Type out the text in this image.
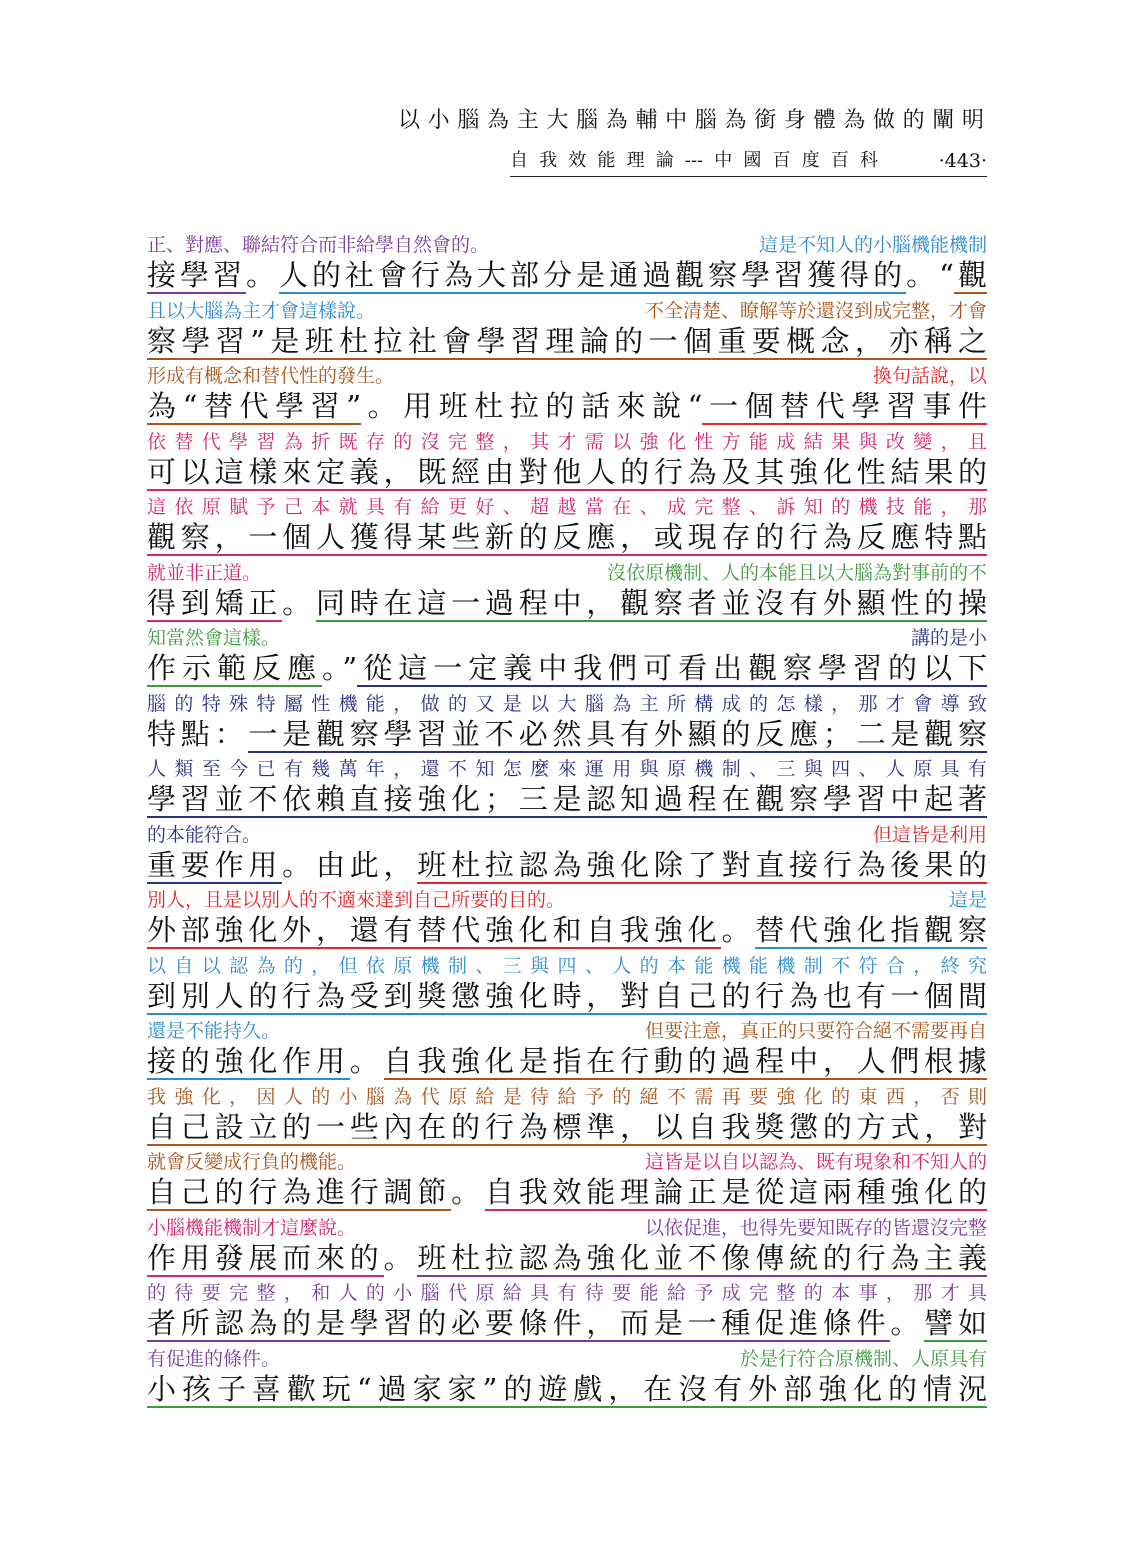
以小腦為主大腦為輔中腦為銜身體為做的闡明
自我效能理論---中國百度百科	·443·
正、對應、聯結符合而非給學自然會的。	這是不知人的小腦機能機制
接學習。人的社會行為大部分是通過觀察學習獲得的。“觀
且以大腦為主才會這樣說。	不全清楚、瞭解等於還沒到成完整，才會
察學習”是班杜拉社會學習理論的一個重要概念，亦稱之
形成有概念和替代性的發生。	換句話說，以
為“替代學習”。用班杜拉的話來說“一個替代學習事件
依替代學習為折既存的沒完整，其才需以強化性方能成結果與改變，且
可以這樣來定義，既經由對他人的行為及其強化性結果的
這依原賦予己本就具有給更好、超越當在、成完整、訴知的機技能，那
觀察，一個人獲得某些新的反應，或現存的行為反應特點
就並非正道。	沒依原機制、人的本能且以大腦為對事前的不
得到矯正。同時在這一過程中，觀察者並沒有外顯性的操
知當然會這樣。	講的是小
作示範反應。”從這一定義中我們可看出觀察學習的以下
腦的特殊特屬性機能，做的又是以大腦為主所構成的怎樣，那才會導致
特點：一是觀察學習並不必然具有外顯的反應；二是觀察
人類至今已有幾萬年，還不知怎麼來運用與原機制、三與四、人原具有
學習並不依賴直接強化；三是認知過程在觀察學習中起著
的本能符合。	但這皆是利用
重要作用。由此，班杜拉認為強化除了對直接行為後果的
別人，且是以別人的不適來達到自己所要的目的。	這是
外部強化外，還有替代強化和自我強化。替代強化指觀察
以自以認為的，但依原機制、三與四、人的本能機能機制不符合，終究
到別人的行為受到獎懲強化時，對自己的行為也有一個間
還是不能持久。	但要注意，真正的只要符合絕不需要再自
接的強化作用。自我強化是指在行動的過程中，人們根據
我強化，因人的小腦為代原給是待給予的絕不需再要強化的東西，否則
自己設立的一些內在的行為標準，以自我獎懲的方式，對
就會反變成行負的機能。	這皆是以自以認為、既有現象和不知人的
自己的行為進行調節。自我效能理論正是從這兩種強化的
小腦機能機制才這麼說。	以依促進，也得先要知既存的皆還沒完整
作用發展而來的。班杜拉認為強化並不像傳統的行為主義
的待要完整，和人的小腦代原給具有待要能給予成完整的本事，那才具
者所認為的是學習的必要條件，而是一種促進條件。譬如
有促進的條件。	於是行符合原機制、人原具有
小孩子喜歡玩“過家家”的遊戲，在沒有外部強化的情況
